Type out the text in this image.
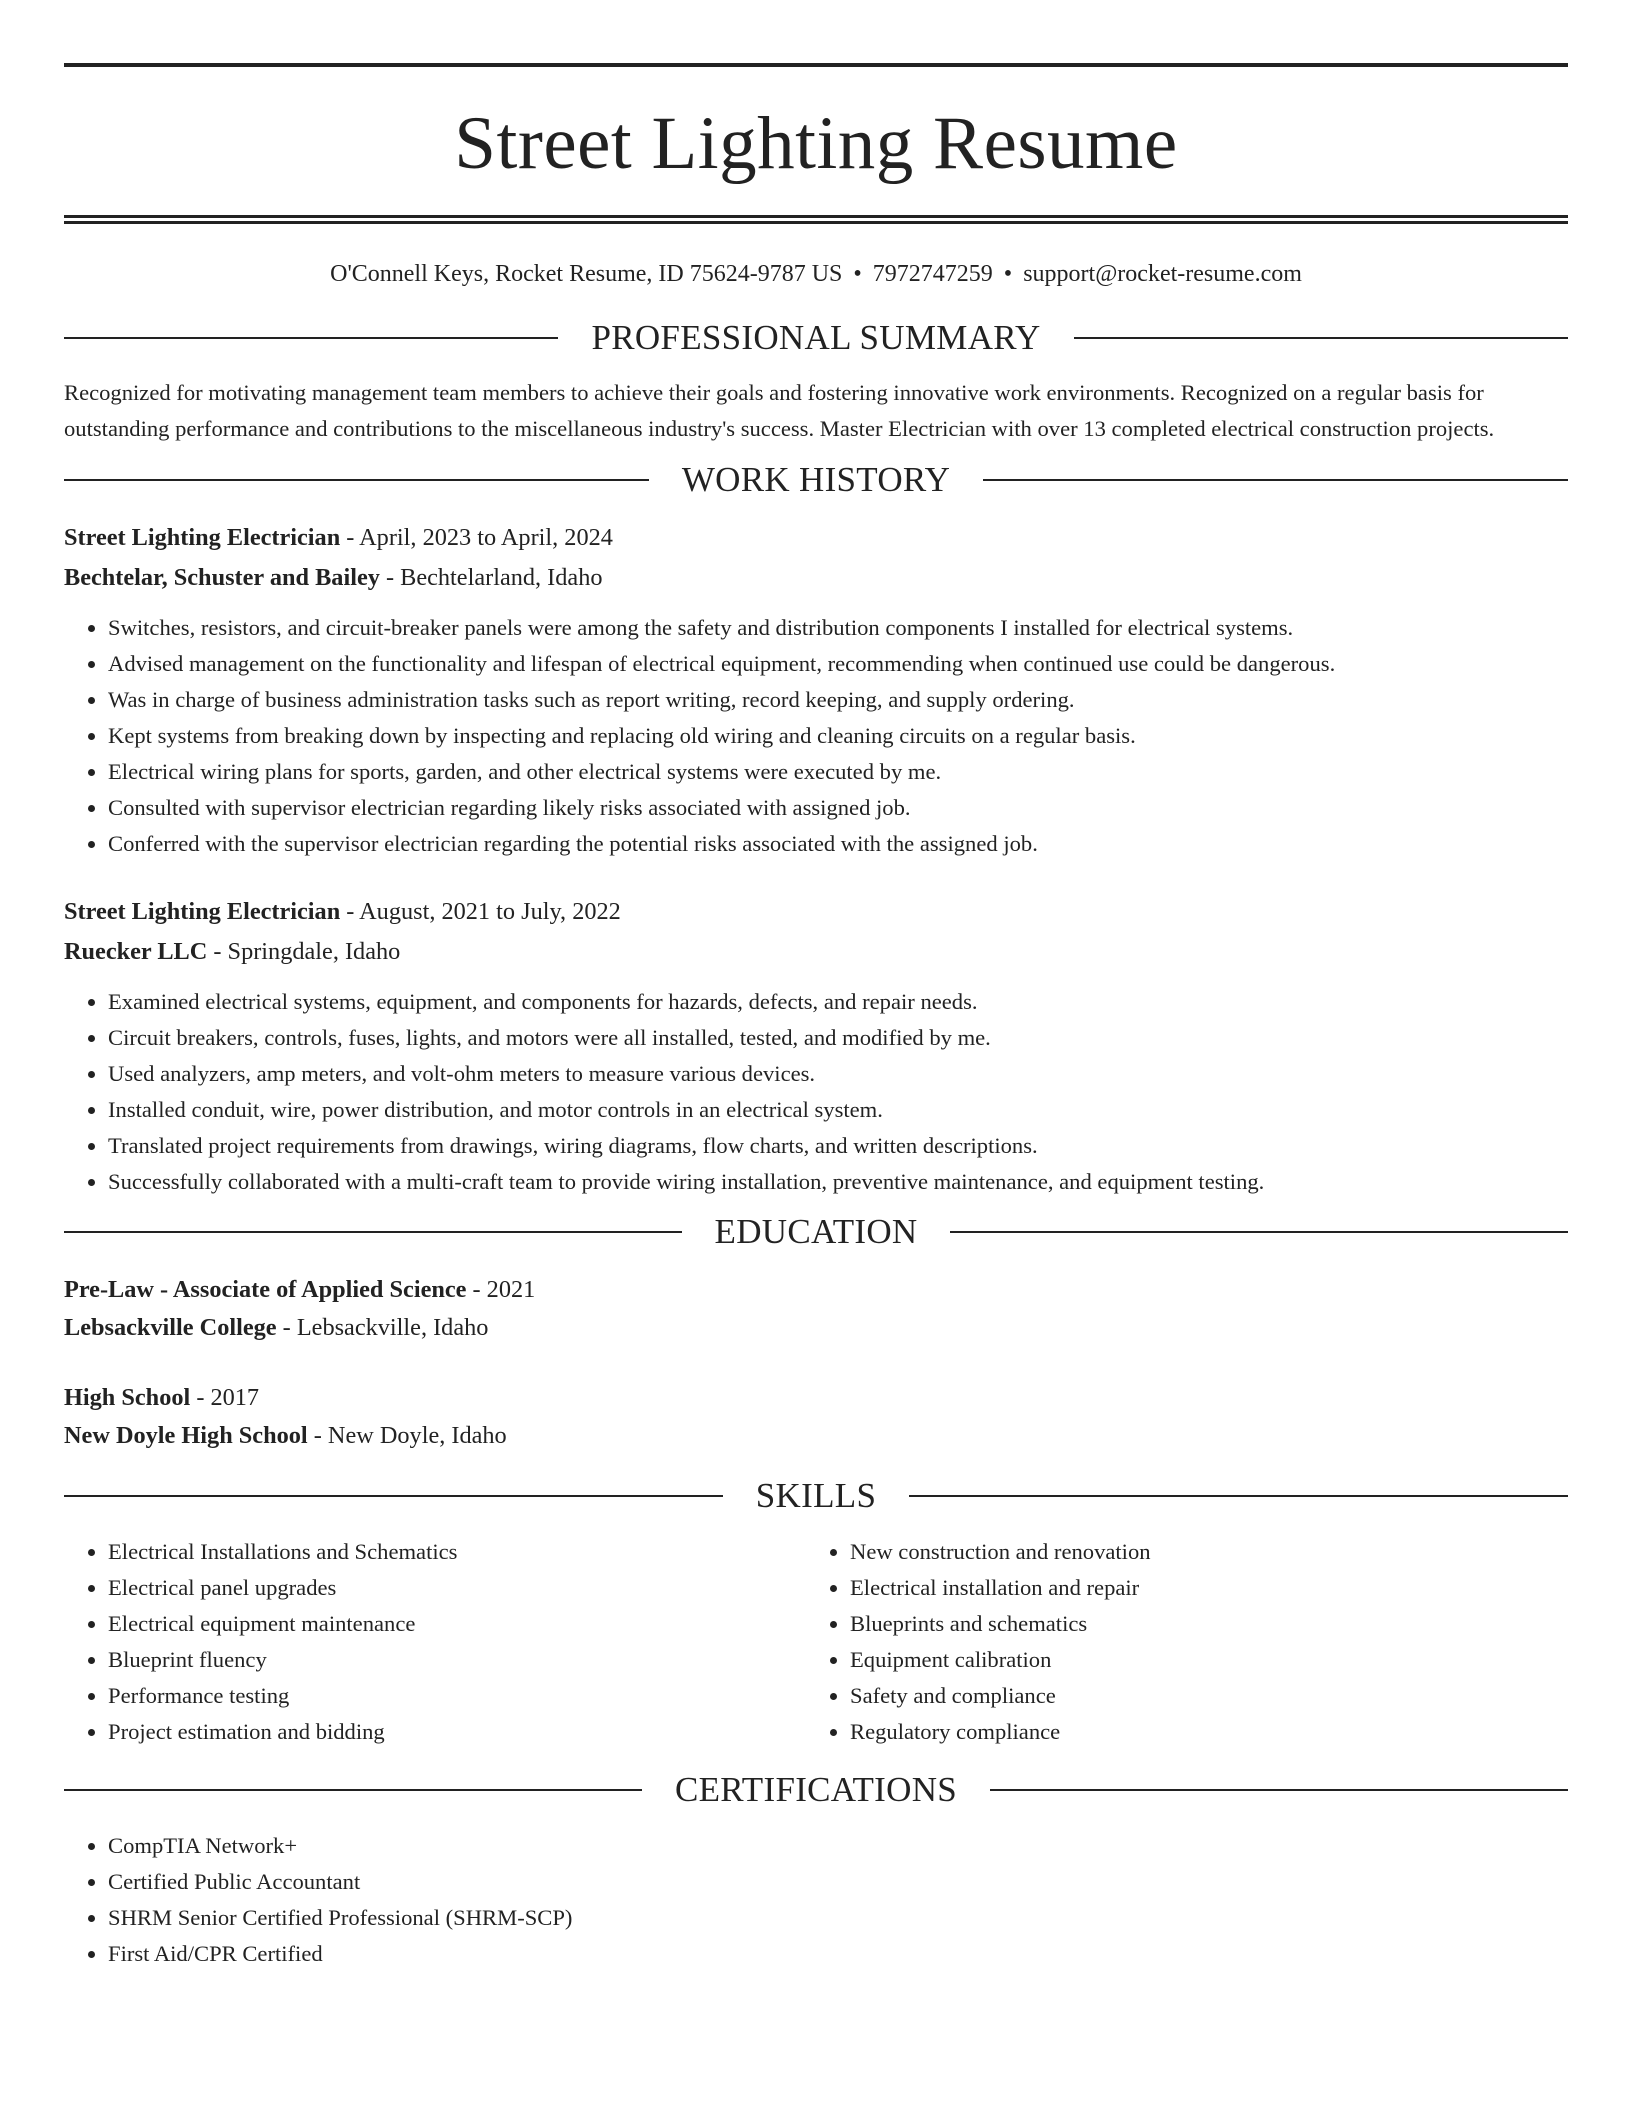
Street Lighting Resume
O'Connell Keys, Rocket Resume, ID 75624-9787 US • 7972747259 • support@rocket-resume.com
PROFESSIONAL SUMMARY
Recognized for motivating management team members to achieve their goals and fostering innovative work environments. Recognized on a regular basis for outstanding performance and contributions to the miscellaneous industry's success. Master Electrician with over 13 completed electrical construction projects.
WORK HISTORY
Street Lighting Electrician - April, 2023 to April, 2024
Bechtelar, Schuster and Bailey - Bechtelarland, Idaho
• Switches, resistors, and circuit-breaker panels were among the safety and distribution components I installed for electrical systems.
• Advised management on the functionality and lifespan of electrical equipment, recommending when continued use could be dangerous.
• Was in charge of business administration tasks such as report writing, record keeping, and supply ordering.
• Kept systems from breaking down by inspecting and replacing old wiring and cleaning circuits on a regular basis.
• Electrical wiring plans for sports, garden, and other electrical systems were executed by me.
• Consulted with supervisor electrician regarding likely risks associated with assigned job.
• Conferred with the supervisor electrician regarding the potential risks associated with the assigned job.
Street Lighting Electrician - August, 2021 to July, 2022
Ruecker LLC - Springdale, Idaho
• Examined electrical systems, equipment, and components for hazards, defects, and repair needs.
• Circuit breakers, controls, fuses, lights, and motors were all installed, tested, and modified by me.
• Used analyzers, amp meters, and volt-ohm meters to measure various devices.
• Installed conduit, wire, power distribution, and motor controls in an electrical system.
• Translated project requirements from drawings, wiring diagrams, flow charts, and written descriptions.
• Successfully collaborated with a multi-craft team to provide wiring installation, preventive maintenance, and equipment testing.
EDUCATION
Pre-Law - Associate of Applied Science - 2021
Lebsackville College - Lebsackville, Idaho
High School - 2017
New Doyle High School - New Doyle, Idaho
SKILLS
• Electrical Installations and Schematics
• Electrical panel upgrades
• Electrical equipment maintenance
• Blueprint fluency
• Performance testing
• Project estimation and bidding
• New construction and renovation
• Electrical installation and repair
• Blueprints and schematics
• Equipment calibration
• Safety and compliance
• Regulatory compliance
CERTIFICATIONS
• CompTIA Network+
• Certified Public Accountant
• SHRM Senior Certified Professional (SHRM-SCP)
• First Aid/CPR Certified
